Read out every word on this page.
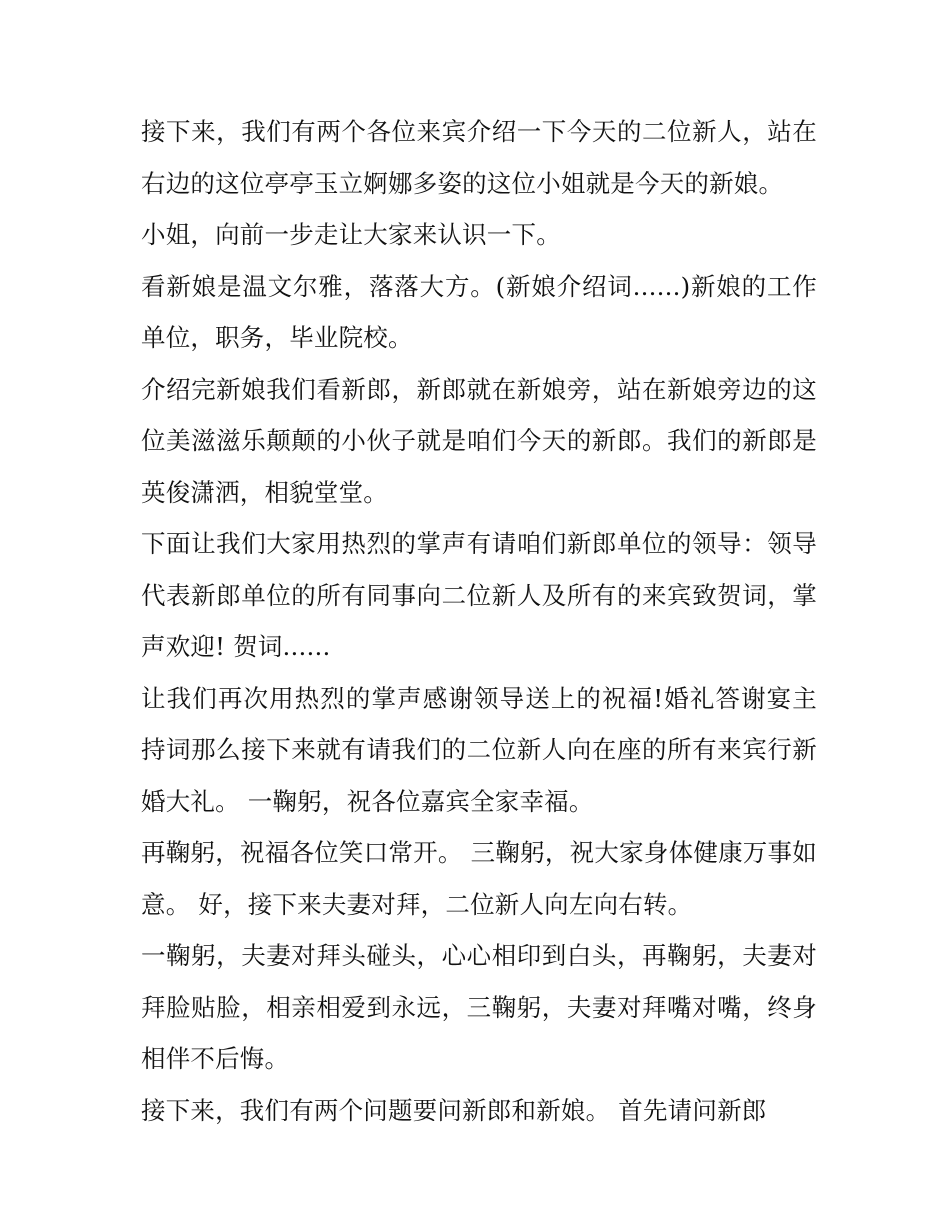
接下来，我们有两个各位来宾介绍一下今天的二位新人，站在右边的这位亭亭玉立婀娜多姿的这位小姐就是今天的新娘。

小姐，向前一步走让大家来认识一下。

看新娘是温文尔雅，落落大方。(新娘介绍词......)新娘的工作单位，职务，毕业院校。

介绍完新娘我们看新郎，新郎就在新娘旁，站在新娘旁边的这位美滋滋乐颠颠的小伙子就是咱们今天的新郎。我们的新郎是英俊潇洒，相貌堂堂。

下面让我们大家用热烈的掌声有请咱们新郎单位的领导：领导代表新郎单位的所有同事向二位新人及所有的来宾致贺词，掌声欢迎! 贺词......

让我们再次用热烈的掌声感谢领导送上的祝福!婚礼答谢宴主持词那么接下来就有请我们的二位新人向在座的所有来宾行新婚大礼。 一鞠躬，祝各位嘉宾全家幸福。

再鞠躬，祝福各位笑口常开。 三鞠躬，祝大家身体健康万事如意。 好，接下来夫妻对拜，二位新人向左向右转。

一鞠躬，夫妻对拜头碰头，心心相印到白头，再鞠躬，夫妻对拜脸贴脸，相亲相爱到永远，三鞠躬，夫妻对拜嘴对嘴，终身相伴不后悔。

接下来，我们有两个问题要问新郎和新娘。 首先请问新郎
